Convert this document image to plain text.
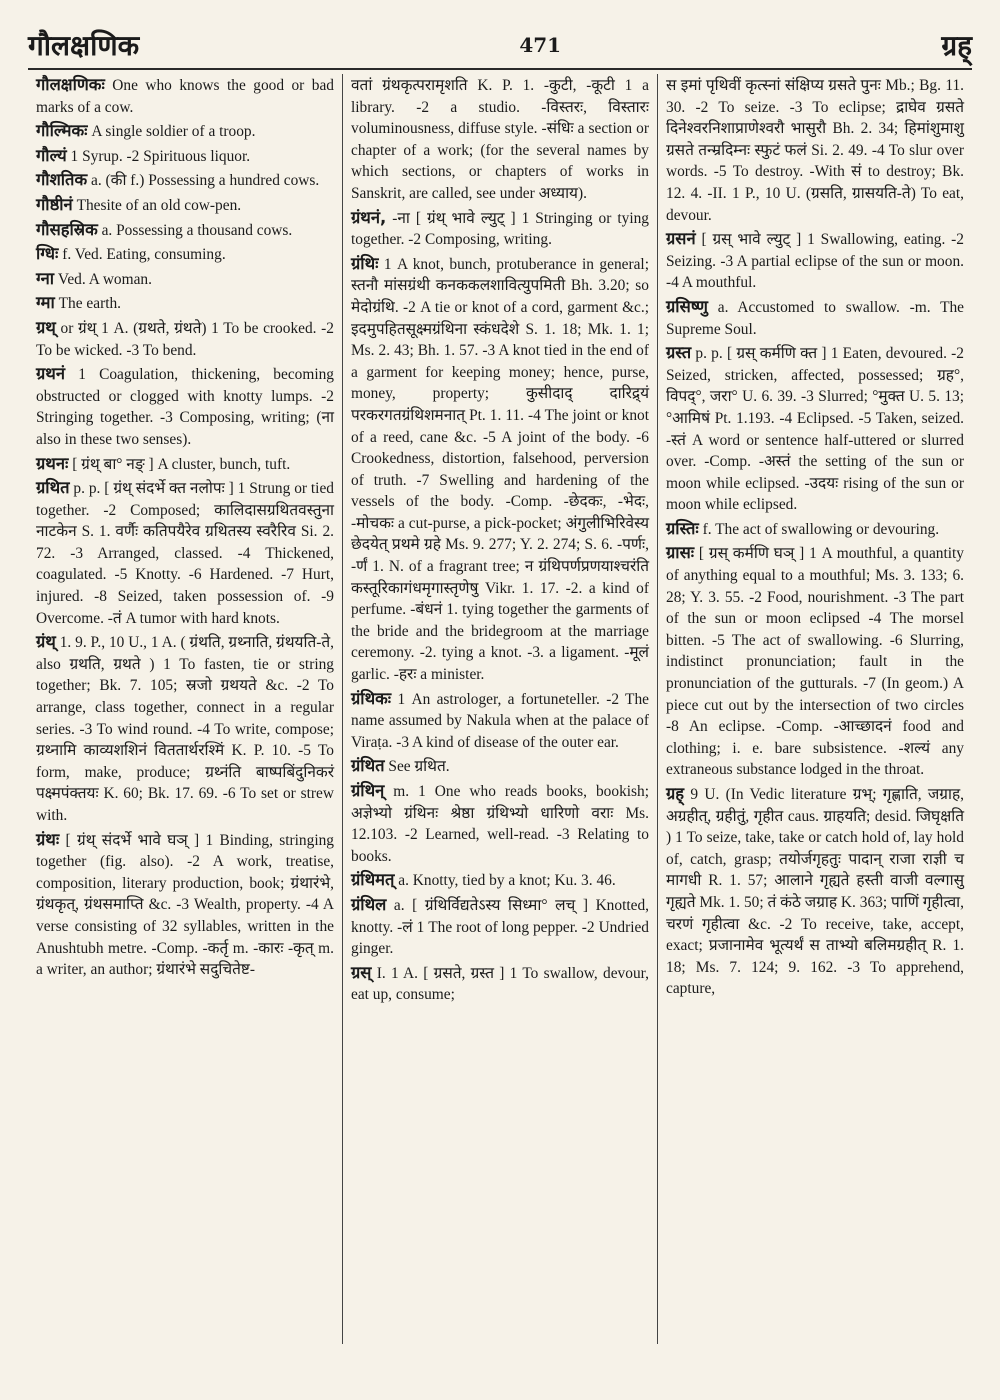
गौलक्षणिक	471	ग्रह्

गौलक्षणिकः One who knows the good or bad marks of a cow.

गौल्मिकः A single soldier of a troop.

गौल्यं 1 Syrup. -2 Spirituous liquor.

गौशतिक a. (की f.) Possessing a hundred cows.

गौष्ठीनं Thesite of an old cow-pen.

गौसहस्रिक a. Possessing a thousand cows.

ग्धिः f. Ved. Eating, consuming.

ग्ना Ved. A woman.

ग्मा The earth.

ग्रथ् or ग्रंथ् 1 A. (ग्रथते, ग्रंथते) 1 To be crooked. -2 To be wicked. -3 To bend.

ग्रथनं 1 Coagulation, thickening, becoming obstructed or clogged with knotty lumps. -2 Stringing together. -3 Composing, writing; (ना also in these two senses).

ग्रथनः [ ग्रंथ् बा° नङ् ] A cluster, bunch, tuft.

ग्रथित p. p. [ ग्रंथ् संदर्भे क्त नलोपः ] 1 Strung or tied together. -2 Composed; कालिदासग्रथितवस्तुना नाटकेन S. 1. वर्णैः कतिपयैरेव ग्रथितस्य स्वरैरिव Si. 2. 72. -3 Arranged, classed. -4 Thickened, coagulated. -5 Knotty. -6 Hardened. -7 Hurt, injured. -8 Seized, taken possession of. -9 Overcome. -तं A tumor with hard knots.

ग्रंथ् 1. 9. P., 10 U., 1 A. ( ग्रंथति, ग्रथ्नाति, ग्रंथयति-ते, also ग्रथति, ग्रथते ) 1 To fasten, tie or string together; Bk. 7. 105; स्रजो ग्रथयते &c. -2 To arrange, class together, connect in a regular series. -3 To wind round. -4 To write, compose; ग्रथ्नामि काव्यशशिनं विततार्थरश्मिं K. P. 10. -5 To form, make, produce; ग्रथ्नंति बाष्पबिंदुनिकरं पक्ष्मपंक्तयः K. 60; Bk. 17. 69. -6 To set or strew with.

ग्रंथः [ ग्रंथ् संदर्भे भावे घञ् ] 1 Binding, stringing together (fig. also). -2 A work, treatise, composition, literary production, book; ग्रंथारंभे, ग्रंथकृत्, ग्रंथसमाप्ति &c. -3 Wealth, property. -4 A verse consisting of 32 syllables, written in the Anushtubh metre. -Comp. -कर्तृ m. -कारः -कृत् m. a writer, an author; ग्रंथारंभे सदुचितेष्ट-

वतां ग्रंथकृत्परामृशति K. P. 1. -कुटी, -कूटी 1 a library. -2 a studio. -विस्तरः, विस्तारः voluminousness, diffuse style. -संधिः a section or chapter of a work; (for the several names by which sections, or chapters of works in Sanskrit, are called, see under अध्याय).

ग्रंथनं, -ना [ ग्रंथ् भावे ल्युट् ] 1 Stringing or tying together. -2 Composing, writing.

ग्रंथिः 1 A knot, bunch, protuberance in general; स्तनौ मांसग्रंथी कनककलशावित्युपमिती Bh. 3.20; so मेदोग्रंथि. -2 A tie or knot of a cord, garment &c.; इदमुपहितसूक्ष्मग्रंथिना स्कंधदेशे S. 1. 18; Mk. 1. 1; Ms. 2. 43; Bh. 1. 57. -3 A knot tied in the end of a garment for keeping money; hence, purse, money, property; कुसीदाद् दारिद्र्यं परकरगतग्रंथिशमनात् Pt. 1. 11. -4 The joint or knot of a reed, cane &c. -5 A joint of the body. -6 Crookedness, distortion, falsehood, perversion of truth. -7 Swelling and hardening of the vessels of the body. -Comp. -छेदकः, -भेदः, -मोचकः a cut-purse, a pick-pocket; अंगुलीभिरिवेस्य छेदयेत् प्रथमे ग्रहे Ms. 9. 277; Y. 2. 274; S. 6. -पर्णः, -र्णं 1. N. of a fragrant tree; न ग्रंथिपर्णप्रणयाश्चरंति कस्तूरिकागंधमृगास्तृणेषु Vikr. 1. 17. -2. a kind of perfume. -बंधनं 1. tying together the garments of the bride and the bridegroom at the marriage ceremony. -2. tying a knot. -3. a ligament. -मूलं garlic. -हरः a minister.

ग्रंथिकः 1 An astrologer, a fortuneteller. -2 The name assumed by Nakula when at the palace of Viraṭa. -3 A kind of disease of the outer ear.

ग्रंथित See ग्रथित.

ग्रंथिन् m. 1 One who reads books, bookish; अज्ञेभ्यो ग्रंथिनः श्रेष्ठा ग्रंथिभ्यो धारिणो वराः Ms. 12.103. -2 Learned, well-read. -3 Relating to books.

ग्रंथिमत् a. Knotty, tied by a knot; Ku. 3. 46.

ग्रंथिल a. [ ग्रंथिर्विद्यतेऽस्य सिध्मा° लच् ] Knotted, knotty. -लं 1 The root of long pepper. -2 Undried ginger.

ग्रस् I. 1 A. [ ग्रसते, ग्रस्त ] 1 To swallow, devour, eat up, consume;

स इमां पृथिवीं कृत्स्नां संक्षिप्य ग्रसते पुनः Mb.; Bg. 11. 30. -2 To seize. -3 To eclipse; द्राघेव ग्रसते दिनेश्वरनिशाप्राणेश्वरौ भासुरौ Bh. 2. 34; हिमांशुमाशु ग्रसते तन्म्रदिम्नः स्फुटं फलं Si. 2. 49. -4 To slur over words. -5 To destroy. -With सं to destroy; Bk. 12. 4. -II. 1 P., 10 U. (ग्रसति, ग्रासयति-ते) To eat, devour.

ग्रसनं [ ग्रस् भावे ल्युट् ] 1 Swallowing, eating. -2 Seizing. -3 A partial eclipse of the sun or moon. -4 A mouthful.

ग्रसिष्णु a. Accustomed to swallow. -m. The Supreme Soul.

ग्रस्त p. p. [ ग्रस् कर्मणि क्त ] 1 Eaten, devoured. -2 Seized, stricken, affected, possessed; ग्रह°, विपद्°, जरा° U. 6. 39. -3 Slurred; °मुक्त U. 5. 13; °आमिषं Pt. 1.193. -4 Eclipsed. -5 Taken, seized. -स्तं A word or sentence half-uttered or slurred over. -Comp. -अस्तं the setting of the sun or moon while eclipsed. -उदयः rising of the sun or moon while eclipsed.

ग्रस्तिः f. The act of swallowing or devouring.

ग्रासः [ ग्रस् कर्मणि घञ् ] 1 A mouthful, a quantity of anything equal to a mouthful; Ms. 3. 133; 6. 28; Y. 3. 55. -2 Food, nourishment. -3 The part of the sun or moon eclipsed -4 The morsel bitten. -5 The act of swallowing. -6 Slurring, indistinct pronunciation; fault in the pronunciation of the gutturals. -7 (In geom.) A piece cut out by the intersection of two circles -8 An eclipse. -Comp. -आच्छादनं food and clothing; i. e. bare subsistence. -शल्यं any extraneous substance lodged in the throat.

ग्रह् 9 U. (In Vedic literature ग्रभ्; गृह्णाति, जग्राह, अग्रहीत्, ग्रहीतुं, गृहीत caus. ग्राहयति; desid. जिघृक्षति ) 1 To seize, take, take or catch hold of, lay hold of, catch, grasp; तयोर्जगृहतुः पादान् राजा राज्ञी च मागधी R. 1. 57; आलाने गृह्यते हस्ती वाजी वल्गासु गृह्यते Mk. 1. 50; तं कंठे जग्राह K. 363; पाणिं गृहीत्वा, चरणं गृहीत्वा &c. -2 To receive, take, accept, exact; प्रजानामेव भूत्यर्थं स ताभ्यो बलिमग्रहीत् R. 1. 18; Ms. 7. 124; 9. 162. -3 To apprehend, capture,
